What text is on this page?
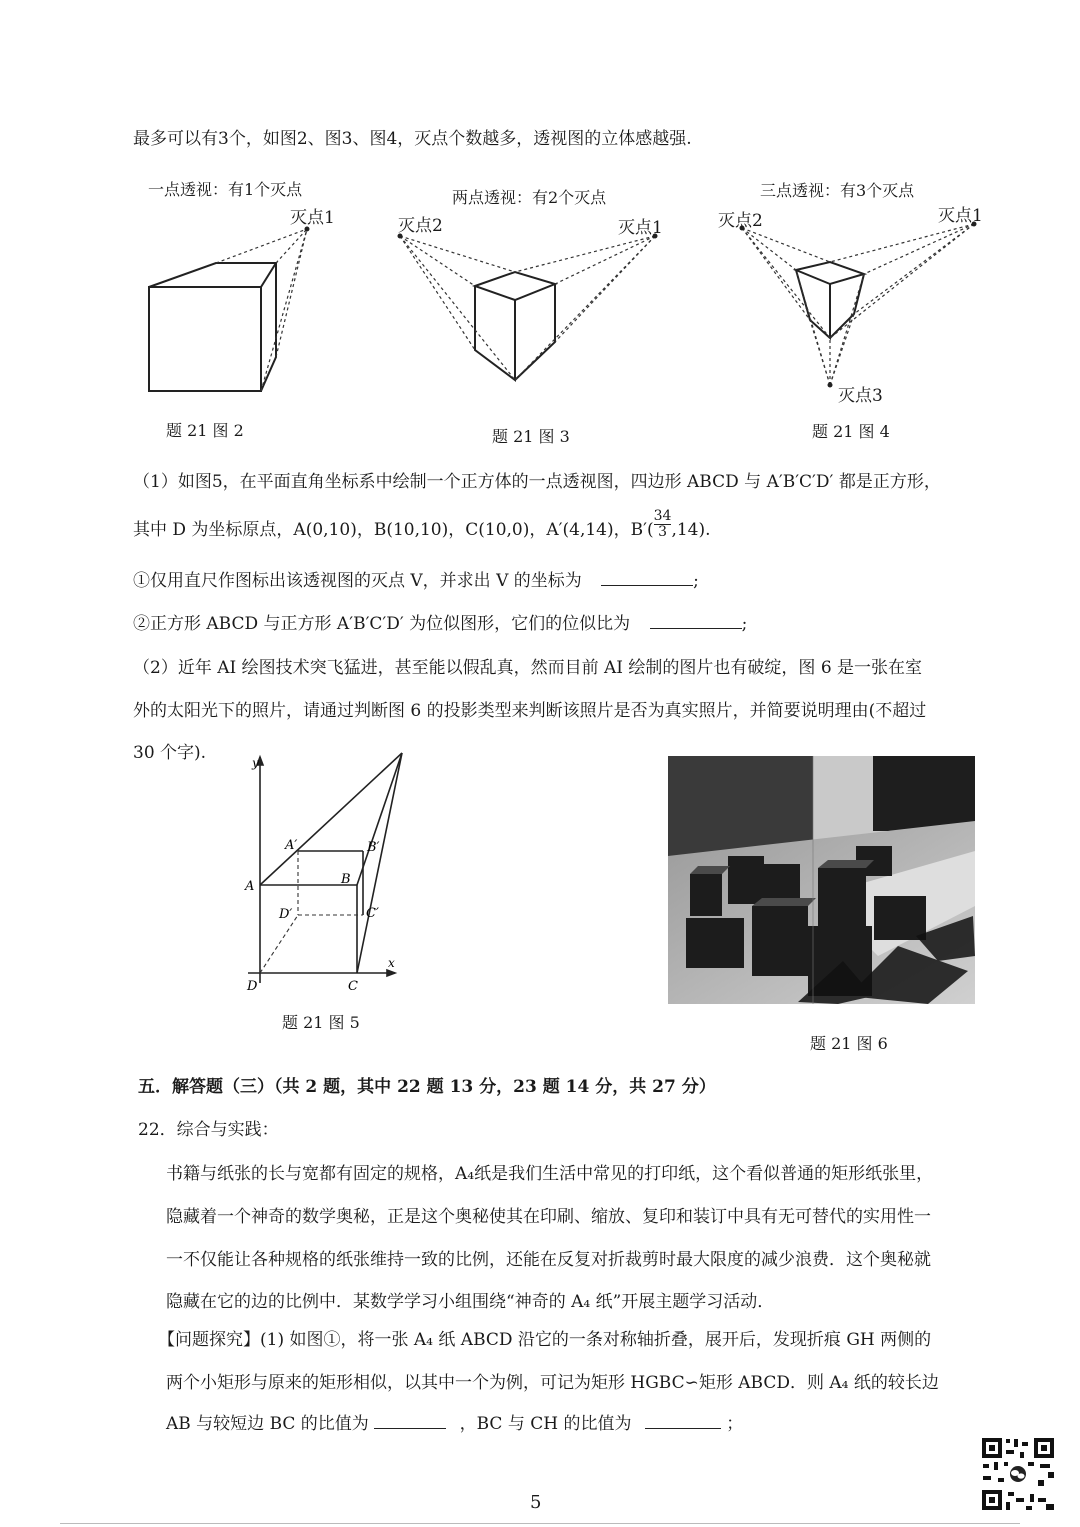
最多可以有3个，如图2、图3、图4，灭点个数越多，透视图的立体感越强.
一点透视：有1个灭点
灭点1
题 21 图 2
两点透视：有2个灭点
灭点2	灭点1
题 21 图 3
三点透视：有3个灭点
灭点2	灭点1
灭点3
题 21 图 4
（1）如图5，在平面直角坐标系中绘制一个正方体的一点透视图，四边形 ABCD 与 A′B′C′D′ 都是正方形，
其中 D 为坐标原点，A(0,10)，B(10,10)，C(10,0)，A′(4,14)，$B'( \frac{34}{3} ,14)$.
①仅用直尺作图标出该透视图的灭点 V，并求出 V 的坐标为	;
②正方形 ABCD 与正方形 A′B′C′D′ 为位似图形，它们的位似比为	;
（2）近年 AI 绘图技术突飞猛进，甚至能以假乱真，然而目前 AI 绘制的图片也有破绽，图 6 是一张在室
外的太阳光下的照片，请通过判断图 6 的投影类型来判断该照片是否为真实照片，并简要说明理由(不超过
30 个字).	y
x
A	B
C
D
A′	B′
C′
D′
题 21 图 5
题 21 图 6
五．解答题（三）（共 2 题，其中 22 题 13 分，23 题 14 分，共 27 分）
22．综合与实践：
书籍与纸张的长与宽都有固定的规格，A₄纸是我们生活中常见的打印纸，这个看似普通的矩形纸张里，
隐藏着一个神奇的数学奥秘，正是这个奥秘使其在印刷、缩放、复印和装订中具有无可替代的实用性一
一不仅能让各种规格的纸张维持一致的比例，还能在反复对折裁剪时最大限度的减少浪费．这个奥秘就
隐藏在它的边的比例中．某数学学习小组围绕“神奇的 A₄ 纸”开展主题学习活动．
【问题探究】(1) 如图①，将一张 A₄ 纸 ABCD 沿它的一条对称轴折叠，展开后，发现折痕 GH 两侧的
两个小矩形与原来的矩形相似，以其中一个为例，可记为矩形 HGBC∽矩形 ABCD．则 A₄ 纸的较长边
AB 与较短边 BC 的比值为	，BC 与 CH 的比值为	；
5
